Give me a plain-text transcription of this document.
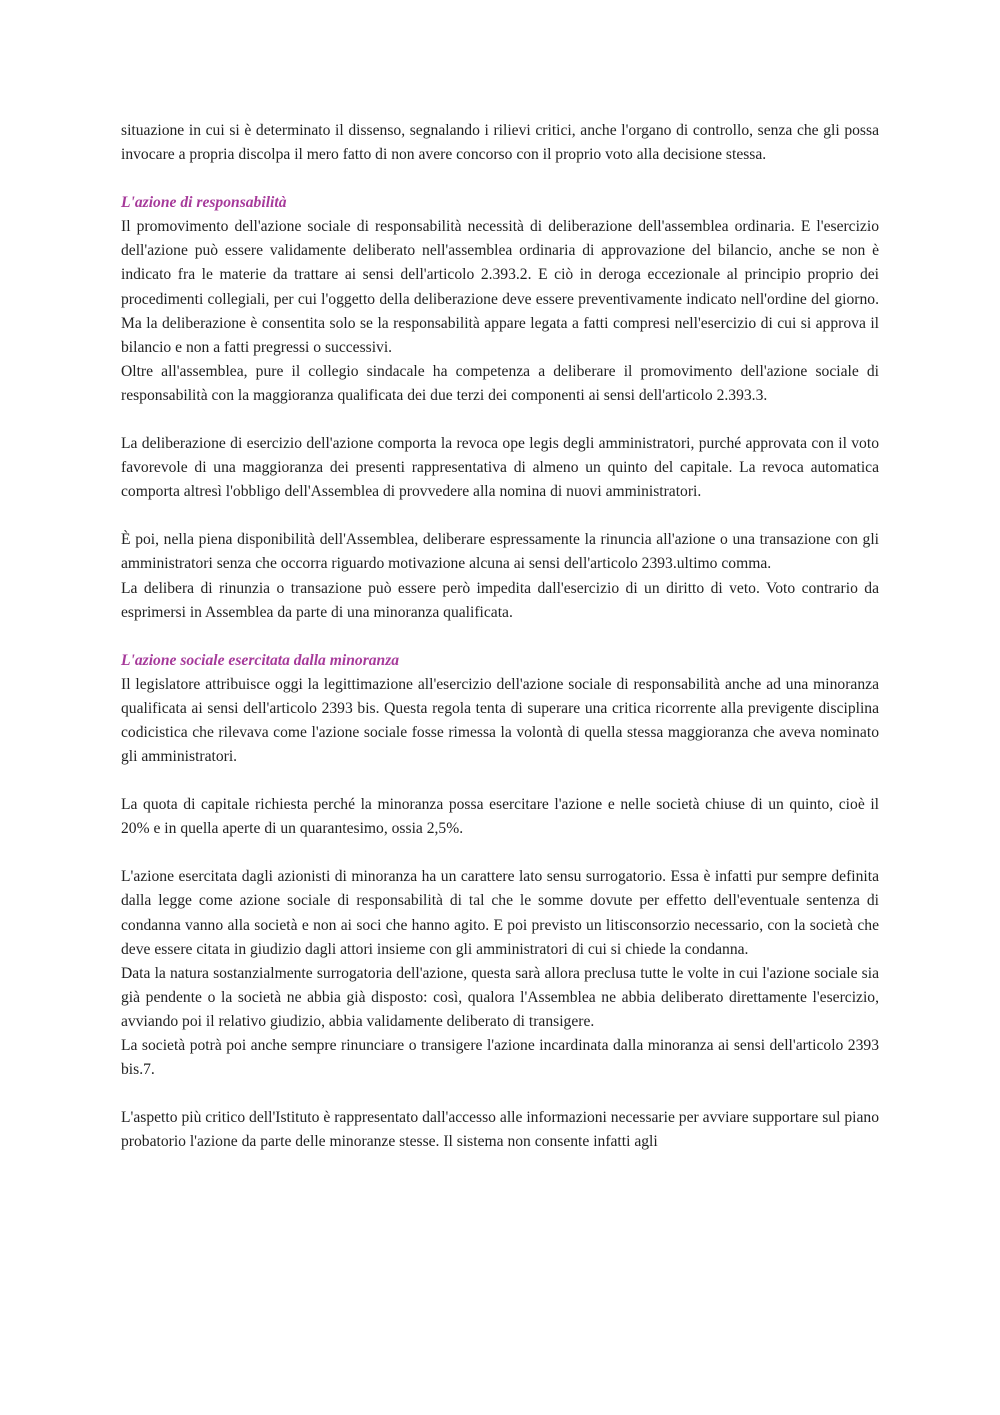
situazione in cui si è determinato il dissenso, segnalando i rilievi critici, anche l'organo di controllo, senza che gli possa invocare a propria discolpa il mero fatto di non avere concorso con il proprio voto alla decisione stessa.

L'azione di responsabilità

Il promovimento dell'azione sociale di responsabilità necessità di deliberazione dell'assemblea ordinaria. E l'esercizio dell'azione può essere validamente deliberato nell'assemblea ordinaria di approvazione del bilancio, anche se non è indicato fra le materie da trattare ai sensi dell'articolo 2.393.2. E ciò in deroga eccezionale al principio proprio dei procedimenti collegiali, per cui l'oggetto della deliberazione deve essere preventivamente indicato nell'ordine del giorno. Ma la deliberazione è consentita solo se la responsabilità appare legata a fatti compresi nell'esercizio di cui si approva il bilancio e non a fatti pregressi o successivi.

Oltre all'assemblea, pure il collegio sindacale ha competenza a deliberare il promovimento dell'azione sociale di responsabilità con la maggioranza qualificata dei due terzi dei componenti ai sensi dell'articolo 2.393.3.

La deliberazione di esercizio dell'azione comporta la revoca ope legis degli amministratori, purché approvata con il voto favorevole di una maggioranza dei presenti rappresentativa di almeno un quinto del capitale. La revoca automatica comporta altresì l'obbligo dell'Assemblea di provvedere alla nomina di nuovi amministratori.

È poi, nella piena disponibilità dell'Assemblea, deliberare espressamente la rinuncia all'azione o una transazione con gli amministratori senza che occorra riguardo motivazione alcuna ai sensi dell'articolo 2393.ultimo comma.

La delibera di rinunzia o transazione può essere però impedita dall'esercizio di un diritto di veto. Voto contrario da esprimersi in Assemblea da parte di una minoranza qualificata.

L'azione sociale esercitata dalla minoranza

Il legislatore attribuisce oggi la legittimazione all'esercizio dell'azione sociale di responsabilità anche ad una minoranza qualificata ai sensi dell'articolo 2393 bis. Questa regola tenta di superare una critica ricorrente alla previgente disciplina codicistica che rilevava come l'azione sociale fosse rimessa la volontà di quella stessa maggioranza che aveva nominato gli amministratori.

La quota di capitale richiesta perché la minoranza possa esercitare l'azione e nelle società chiuse di un quinto, cioè il 20% e in quella aperte di un quarantesimo, ossia 2,5%.

L'azione esercitata dagli azionisti di minoranza ha un carattere lato sensu surrogatorio. Essa è infatti pur sempre definita dalla legge come azione sociale di responsabilità di tal che le somme dovute per effetto dell'eventuale sentenza di condanna vanno alla società e non ai soci che hanno agito. E poi previsto un litisconsorzio necessario, con la società che deve essere citata in giudizio dagli attori insieme con gli amministratori di cui si chiede la condanna.

Data la natura sostanzialmente surrogatoria dell'azione, questa sarà allora preclusa tutte le volte in cui l'azione sociale sia già pendente o la società ne abbia già disposto: così, qualora l'Assemblea ne abbia deliberato direttamente l'esercizio, avviando poi il relativo giudizio, abbia validamente deliberato di transigere.

La società potrà poi anche sempre rinunciare o transigere l'azione incardinata dalla minoranza ai sensi dell'articolo 2393 bis.7.

L'aspetto più critico dell'Istituto è rappresentato dall'accesso alle informazioni necessarie per avviare supportare sul piano probatorio l'azione da parte delle minoranze stesse. Il sistema non consente infatti agli
